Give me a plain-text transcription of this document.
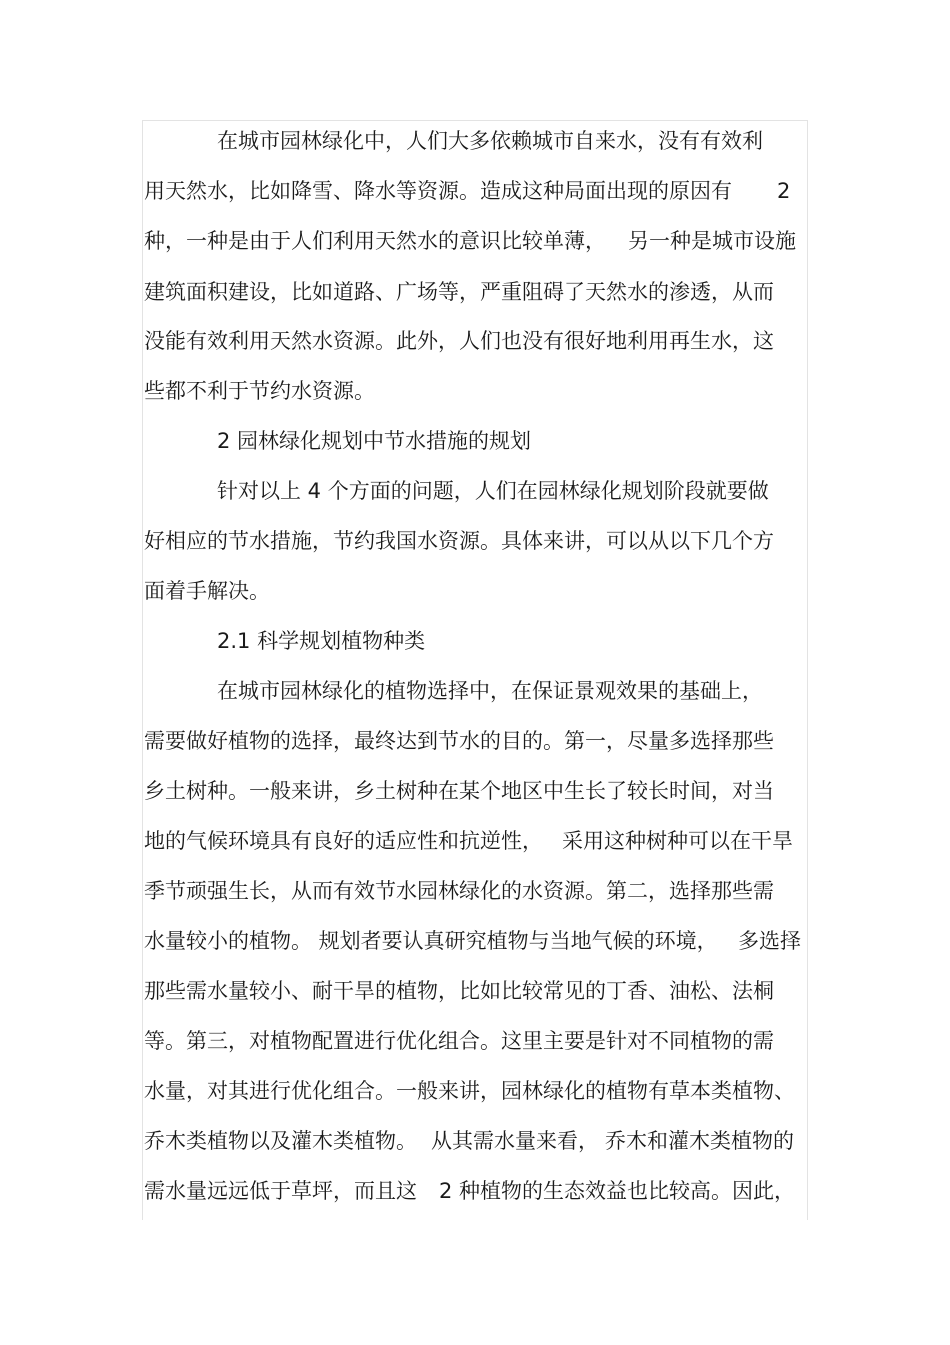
在城市园林绿化中，人们大多依赖城市自来水，没有有效利
用天然水，比如降雪、降水等资源。造成这种局面出现的原因有 2
种，一种是由于人们利用天然水的意识比较单薄， 另一种是城市设施
建筑面积建设，比如道路、广场等，严重阻碍了天然水的渗透，从而
没能有效利用天然水资源。此外，人们也没有很好地利用再生水，这
些都不利于节约水资源。
2 园林绿化规划中节水措施的规划
针对以上 4 个方面的问题，人们在园林绿化规划阶段就要做
好相应的节水措施，节约我国水资源。具体来讲，可以从以下几个方
面着手解决。
2.1 科学规划植物种类
在城市园林绿化的植物选择中，在保证景观效果的基础上，
需要做好植物的选择，最终达到节水的目的。第一，尽量多选择那些
乡土树种。一般来讲，乡土树种在某个地区中生长了较长时间，对当
地的气候环境具有良好的适应性和抗逆性， 采用这种树种可以在干旱
季节顽强生长，从而有效节水园林绿化的水资源。第二，选择那些需
水量较小的植物。 规划者要认真研究植物与当地气候的环境， 多选择
那些需水量较小、耐干旱的植物，比如比较常见的丁香、油松、法桐
等。第三，对植物配置进行优化组合。这里主要是针对不同植物的需
水量，对其进行优化组合。一般来讲，园林绿化的植物有草本类植物、
乔木类植物以及灌木类植物。 从其需水量来看， 乔木和灌木类植物的
需水量远远低于草坪，而且这 2 种植物的生态效益也比较高。因此，
